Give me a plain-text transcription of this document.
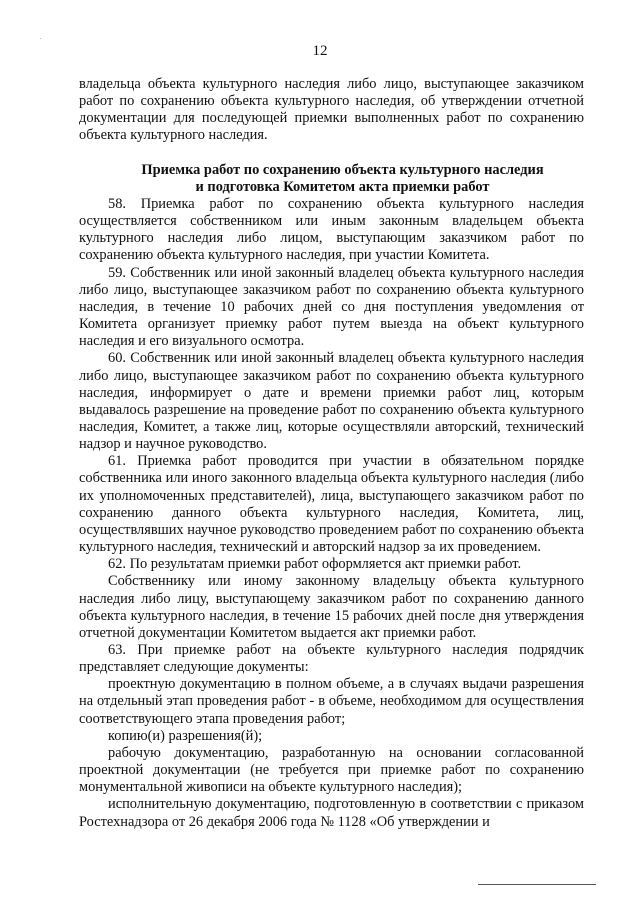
12

владельца объекта культурного наследия либо лицо, выступающее заказчиком работ по сохранению объекта культурного наследия, об утверждении отчетной документации для последующей приемки выполненных работ по сохранению объекта культурного наследия.

Приемка работ по сохранению объекта культурного наследия и подготовка Комитетом акта приемки работ

58. Приемка работ по сохранению объекта культурного наследия осуществляется собственником или иным законным владельцем объекта культурного наследия либо лицом, выступающим заказчиком работ по сохранению объекта культурного наследия, при участии Комитета.

59. Собственник или иной законный владелец объекта культурного наследия либо лицо, выступающее заказчиком работ по сохранению объекта культурного наследия, в течение 10 рабочих дней со дня поступления уведомления от Комитета организует приемку работ путем выезда на объект культурного наследия и его визуального осмотра.

60. Собственник или иной законный владелец объекта культурного наследия либо лицо, выступающее заказчиком работ по сохранению объекта культурного наследия, информирует о дате и времени приемки работ лиц, которым выдавалось разрешение на проведение работ по сохранению объекта культурного наследия, Комитет, а также лиц, которые осуществляли авторский, технический надзор и научное руководство.

61. Приемка работ проводится при участии в обязательном порядке собственника или иного законного владельца объекта культурного наследия (либо их уполномоченных представителей), лица, выступающего заказчиком работ по сохранению данного объекта культурного наследия, Комитета, лиц, осуществлявших научное руководство проведением работ по сохранению объекта культурного наследия, технический и авторский надзор за их проведением.

62. По результатам приемки работ оформляется акт приемки работ.

Собственнику или иному законному владельцу объекта культурного наследия либо лицу, выступающему заказчиком работ по сохранению данного объекта культурного наследия, в течение 15 рабочих дней после дня утверждения отчетной документации Комитетом выдается акт приемки работ.

63. При приемке работ на объекте культурного наследия подрядчик представляет следующие документы:

проектную документацию в полном объеме, а в случаях выдачи разрешения на отдельный этап проведения работ - в объеме, необходимом для осуществления соответствующего этапа проведения работ;

копию(и) разрешения(й);

рабочую документацию, разработанную на основании согласованной проектной документации (не требуется при приемке работ по сохранению монументальной живописи на объекте культурного наследия);

исполнительную документацию, подготовленную в соответствии с приказом Ростехнадзора от 26 декабря 2006 года № 1128 «Об утверждении и
